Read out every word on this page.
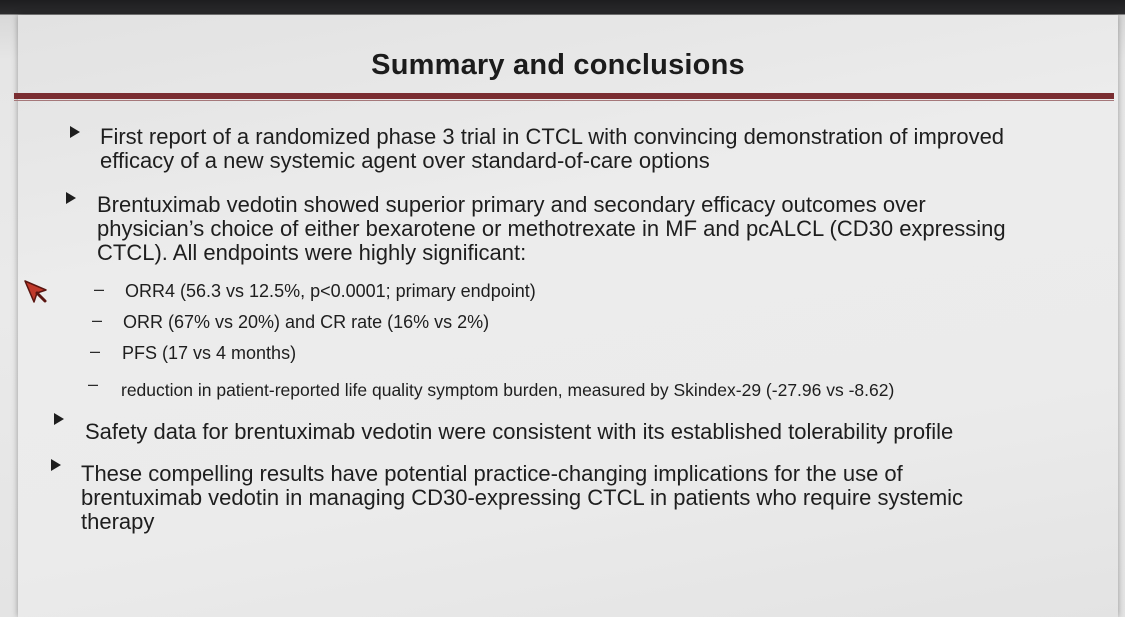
Summary and conclusions
First report of a randomized phase 3 trial in CTCL with convincing demonstration of improved
efficacy of a new systemic agent over standard-of-care options
Brentuximab vedotin showed superior primary and secondary efficacy outcomes over
physician’s choice of either bexarotene or methotrexate in MF and pcALCL (CD30 expressing
CTCL). All endpoints were highly significant:
– ORR4 (56.3 vs 12.5%, p<0.0001; primary endpoint)
– ORR (67% vs 20%) and CR rate (16% vs 2%)
– PFS (17 vs 4 months)
– reduction in patient-reported life quality symptom burden, measured by Skindex-29 (-27.96 vs -8.62)
Safety data for brentuximab vedotin were consistent with its established tolerability profile
These compelling results have potential practice-changing implications for the use of
brentuximab vedotin in managing CD30-expressing CTCL in patients who require systemic
therapy
